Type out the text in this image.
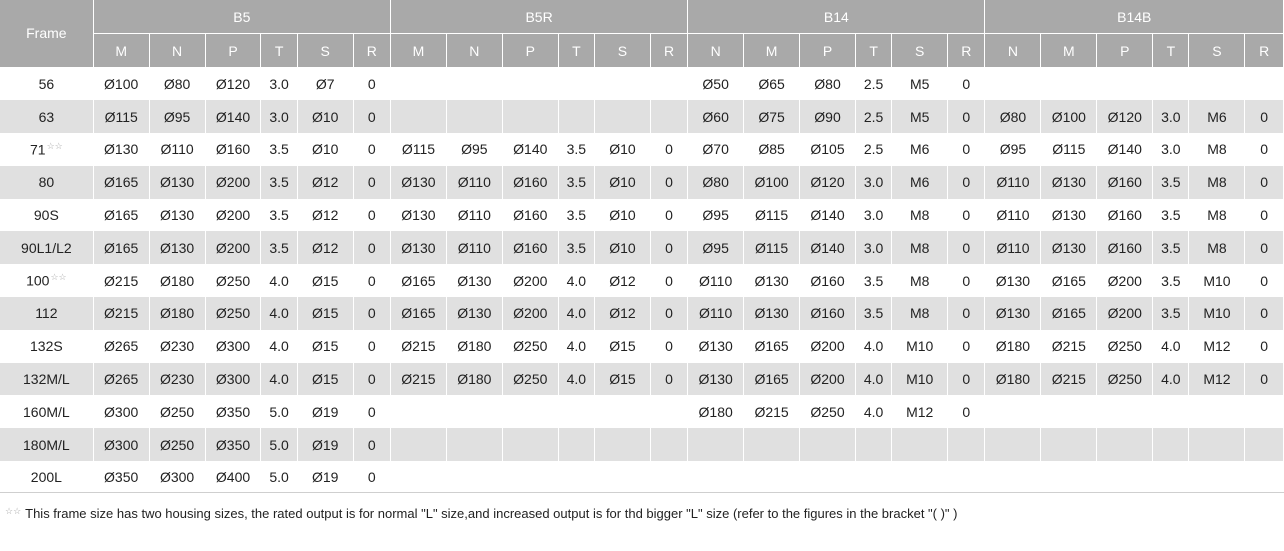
Frame	B5						B5R						B14						B14B					
	M	N	P	T	S	R	M	N	P	T	S	R	N	M	P	T	S	R	N	M	P	T	S	R
56	Ø100	Ø80	Ø120	3.0	Ø7	0							Ø50	Ø65	Ø80	2.5	M5	0						
63	Ø115	Ø95	Ø140	3.0	Ø10	0							Ø60	Ø75	Ø90	2.5	M5	0	Ø80	Ø100	Ø120	3.0	M6	0
71☆☆	Ø130	Ø110	Ø160	3.5	Ø10	0	Ø115	Ø95	Ø140	3.5	Ø10	0	Ø70	Ø85	Ø105	2.5	M6	0	Ø95	Ø115	Ø140	3.0	M8	0
80	Ø165	Ø130	Ø200	3.5	Ø12	0	Ø130	Ø110	Ø160	3.5	Ø10	0	Ø80	Ø100	Ø120	3.0	M6	0	Ø110	Ø130	Ø160	3.5	M8	0
90S	Ø165	Ø130	Ø200	3.5	Ø12	0	Ø130	Ø110	Ø160	3.5	Ø10	0	Ø95	Ø115	Ø140	3.0	M8	0	Ø110	Ø130	Ø160	3.5	M8	0
90L1/L2	Ø165	Ø130	Ø200	3.5	Ø12	0	Ø130	Ø110	Ø160	3.5	Ø10	0	Ø95	Ø115	Ø140	3.0	M8	0	Ø110	Ø130	Ø160	3.5	M8	0
100☆☆	Ø215	Ø180	Ø250	4.0	Ø15	0	Ø165	Ø130	Ø200	4.0	Ø12	0	Ø110	Ø130	Ø160	3.5	M8	0	Ø130	Ø165	Ø200	3.5	M10	0
112	Ø215	Ø180	Ø250	4.0	Ø15	0	Ø165	Ø130	Ø200	4.0	Ø12	0	Ø110	Ø130	Ø160	3.5	M8	0	Ø130	Ø165	Ø200	3.5	M10	0
132S	Ø265	Ø230	Ø300	4.0	Ø15	0	Ø215	Ø180	Ø250	4.0	Ø15	0	Ø130	Ø165	Ø200	4.0	M10	0	Ø180	Ø215	Ø250	4.0	M12	0
132M/L	Ø265	Ø230	Ø300	4.0	Ø15	0	Ø215	Ø180	Ø250	4.0	Ø15	0	Ø130	Ø165	Ø200	4.0	M10	0	Ø180	Ø215	Ø250	4.0	M12	0
160M/L	Ø300	Ø250	Ø350	5.0	Ø19	0							Ø180	Ø215	Ø250	4.0	M12	0						
180M/L	Ø300	Ø250	Ø350	5.0	Ø19	0																		
200L	Ø350	Ø300	Ø400	5.0	Ø19	0																		
☆☆ This frame size has two housing sizes, the rated output is for normal "L" size,and increased output is for thd bigger "L" size (refer to the figures in the bracket "( )" )
